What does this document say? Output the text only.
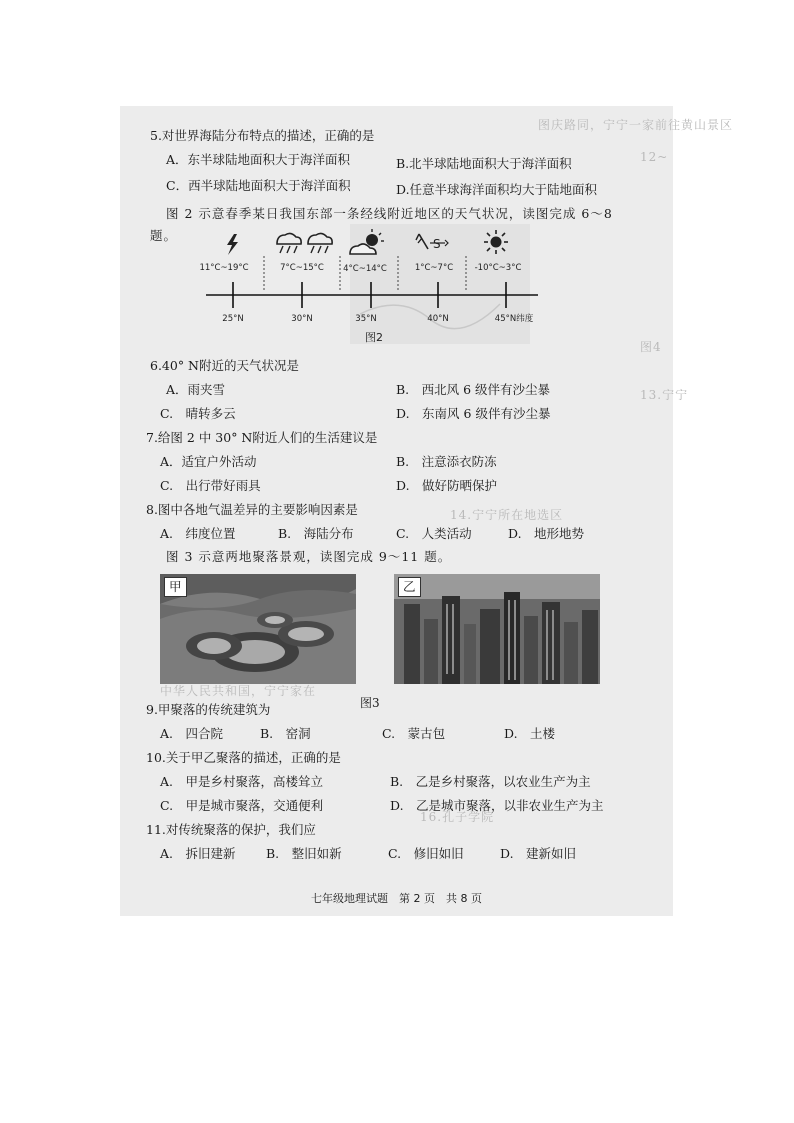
图庆路同，宁宁一家前往黄山景区
12~
图4
13.宁宁
14.宁宁所在地选区
中华人民共和国，宁宁家在
16.孔子学院
5.对世界海陆分布特点的描述，正确的是
A．东半球陆地面积大于海洋面积	B.北半球陆地面积大于海洋面积
C．西半球陆地面积大于海洋面积	D.任意半球海洋面积均大于陆地面积
图 2 示意春季某日我国东部一条经线附近地区的天气状况，读图完成 6～8
题。
S
11°C~19°C	7°C~15°C 4°C~14°C	1°C~7°C	-10°C~3°C
25°N	30°N	35°N	40°N	45°N纬度
图2
6.40° N附近的天气状况是
A．雨夹雪	B.　西北风 6 级伴有沙尘暴
C.　晴转多云	D.　东南风 6 级伴有沙尘暴
7.给图 2 中 30° N附近人们的生活建议是
A．适宜户外活动	B.　注意添衣防冻
C.　出行带好雨具	D.　做好防晒保护
8.图中各地气温差异的主要影响因素是
A.　纬度位置	B.　海陆分布	C.　人类活动	D.　地形地势
图 3 示意两地聚落景观，读图完成 9～11 题。
甲	乙
图3
9.甲聚落的传统建筑为
A.　四合院	B.　窑洞	C.　蒙古包	D.　土楼
10.关于甲乙聚落的描述，正确的是
A.　甲是乡村聚落，高楼耸立	B.　乙是乡村聚落，以农业生产为主
C.　甲是城市聚落，交通便利	D.　乙是城市聚落，以非农业生产为主
11.对传统聚落的保护，我们应
A.　拆旧建新 B.　整旧如新	C.　修旧如旧	D.　建新如旧
七年级地理试题　第 2 页　共 8 页
